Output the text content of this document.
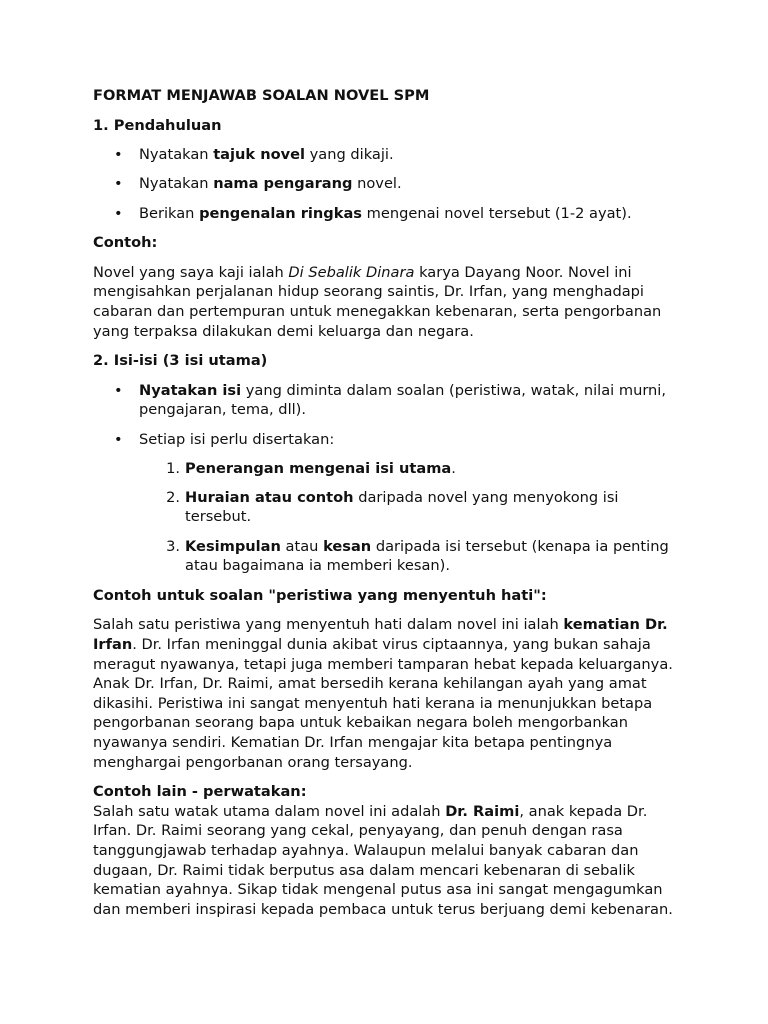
FORMAT MENJAWAB SOALAN NOVEL SPM

1. Pendahuluan

• Nyatakan tajuk novel yang dikaji.
• Nyatakan nama pengarang novel.
• Berikan pengenalan ringkas mengenai novel tersebut (1-2 ayat).

Contoh:

Novel yang saya kaji ialah Di Sebalik Dinara karya Dayang Noor. Novel ini mengisahkan perjalanan hidup seorang saintis, Dr. Irfan, yang menghadapi cabaran dan pertempuran untuk menegakkan kebenaran, serta pengorbanan yang terpaksa dilakukan demi keluarga dan negara.

2. Isi-isi (3 isi utama)

• Nyatakan isi yang diminta dalam soalan (peristiwa, watak, nilai murni, pengajaran, tema, dll).
• Setiap isi perlu disertakan:
1. Penerangan mengenai isi utama.
2. Huraian atau contoh daripada novel yang menyokong isi tersebut.
3. Kesimpulan atau kesan daripada isi tersebut (kenapa ia penting atau bagaimana ia memberi kesan).

Contoh untuk soalan "peristiwa yang menyentuh hati":

Salah satu peristiwa yang menyentuh hati dalam novel ini ialah kematian Dr. Irfan. Dr. Irfan meninggal dunia akibat virus ciptaannya, yang bukan sahaja meragut nyawanya, tetapi juga memberi tamparan hebat kepada keluarganya. Anak Dr. Irfan, Dr. Raimi, amat bersedih kerana kehilangan ayah yang amat dikasihi. Peristiwa ini sangat menyentuh hati kerana ia menunjukkan betapa pengorbanan seorang bapa untuk kebaikan negara boleh mengorbankan nyawanya sendiri. Kematian Dr. Irfan mengajar kita betapa pentingnya menghargai pengorbanan orang tersayang.

Contoh lain - perwatakan:

Salah satu watak utama dalam novel ini adalah Dr. Raimi, anak kepada Dr. Irfan. Dr. Raimi seorang yang cekal, penyayang, dan penuh dengan rasa tanggungjawab terhadap ayahnya. Walaupun melalui banyak cabaran dan dugaan, Dr. Raimi tidak berputus asa dalam mencari kebenaran di sebalik kematian ayahnya. Sikap tidak mengenal putus asa ini sangat mengagumkan dan memberi inspirasi kepada pembaca untuk terus berjuang demi kebenaran.
